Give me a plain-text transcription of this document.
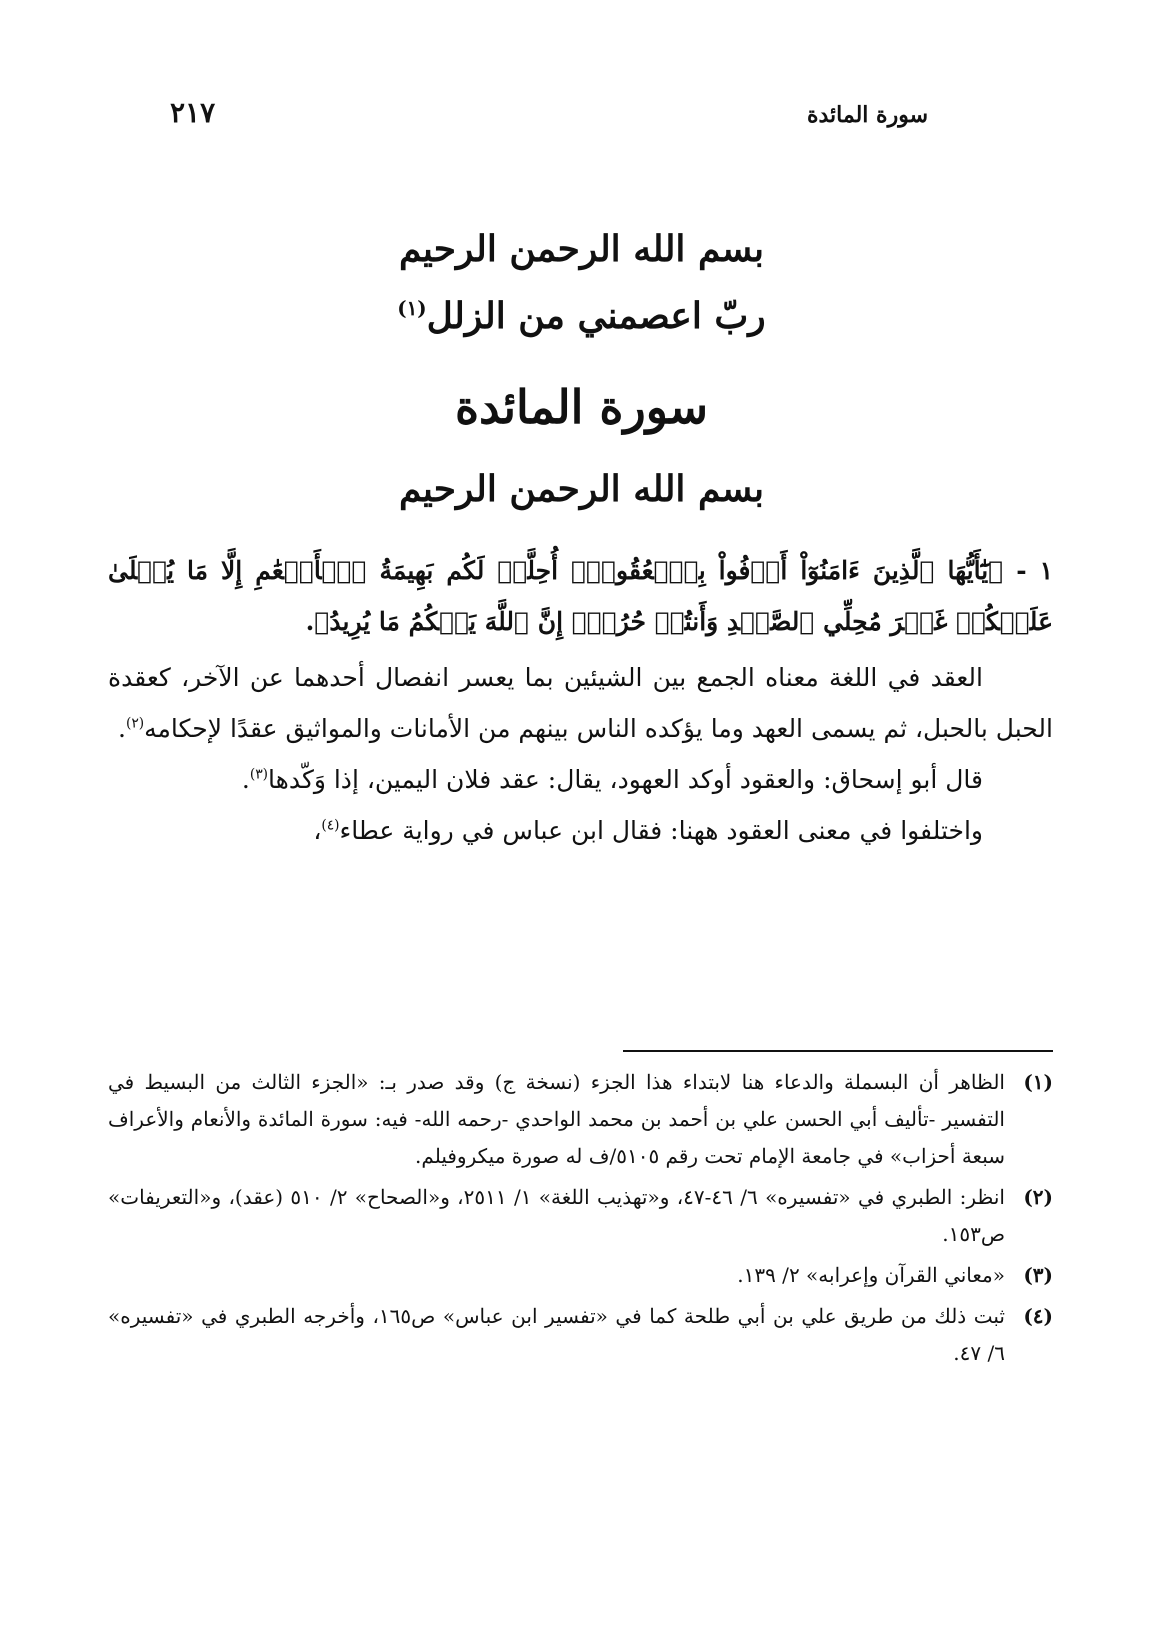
سورة المائدة
٢١٧
بسم الله الرحمن الرحيم
ربّ اعصمني من الزلل$^{(١)}$
سورة المائدة
بسم الله الرحمن الرحيم

١ - ﴿يَٰٓأَيُّهَا ٱلَّذِينَ ءَامَنُوٓاْ أَوۡفُواْ بِٱلۡعُقُودِۚ أُحِلَّتۡ لَكُم بَهِيمَةُ ٱلۡأَنۡعَٰمِ إِلَّا مَا يُتۡلَىٰ عَلَيۡكُمۡ غَيۡرَ مُحِلِّي ٱلصَّيۡدِ وَأَنتُمۡ حُرُمٌۗ إِنَّ ٱللَّهَ يَحۡكُمُ مَا يُرِيدُ﴾.

العقد في اللغة معناه الجمع بين الشيئين بما يعسر انفصال أحدهما عن الآخر، كعقدة الحبل بالحبل، ثم يسمى العهد وما يؤكده الناس بينهم من الأمانات والمواثيق عقدًا لإحكامه$^{(٢)}$.

قال أبو إسحاق: والعقود أوكد العهود، يقال: عقد فلان اليمين، إذا وَكّدها$^{(٣)}$.

واختلفوا في معنى العقود ههنا: فقال ابن عباس في رواية عطاء$^{(٤)}$،

(١)
الظاهر أن البسملة والدعاء هنا لابتداء هذا الجزء (نسخة ج) وقد صدر بـ: «الجزء الثالث من البسيط في التفسير -تأليف أبي الحسن علي بن أحمد بن محمد الواحدي -رحمه الله- فيه: سورة المائدة والأنعام والأعراف سبعة أحزاب» في جامعة الإمام تحت رقم ٥١٠٥/ف له صورة ميكروفيلم.
(٢)
انظر: الطبري في «تفسيره» ٦/ ٤٦-٤٧، و«تهذيب اللغة» ١/ ٢٥١١، و«الصحاح» ٢/ ٥١٠ (عقد)، و«التعريفات» ص١٥٣.
(٣)
«معاني القرآن وإعرابه» ٢/ ١٣٩.
(٤)
ثبت ذلك من طريق علي بن أبي طلحة كما في «تفسير ابن عباس» ص١٦٥، وأخرجه الطبري في «تفسيره» ٦/ ٤٧.
